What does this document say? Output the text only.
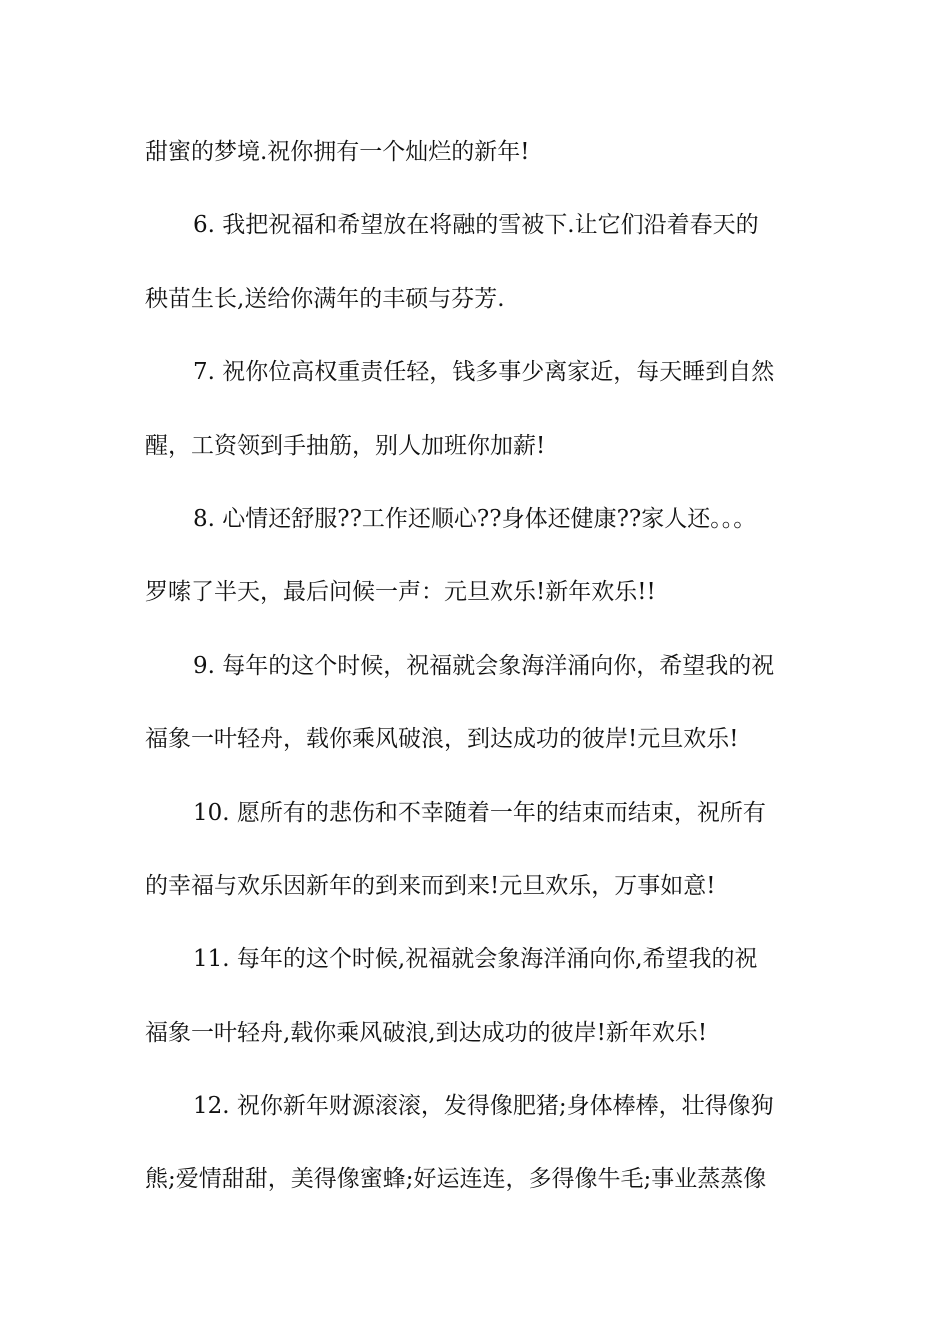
甜蜜的梦境.祝你拥有一个灿烂的新年!
6. 我把祝福和希望放在将融的雪被下.让它们沿着春天的
秧苗生长,送给你满年的丰硕与芬芳.
7. 祝你位高权重责任轻，钱多事少离家近，每天睡到自然
醒，工资领到手抽筋，别人加班你加薪!
8. 心情还舒服??工作还顺心??身体还健康??家人还。。。
罗嗦了半天，最后问候一声：元旦欢乐!新年欢乐!!
9. 每年的这个时候，祝福就会象海洋涌向你，希望我的祝
福象一叶轻舟，载你乘风破浪，到达成功的彼岸!元旦欢乐!
10. 愿所有的悲伤和不幸随着一年的结束而结束，祝所有
的幸福与欢乐因新年的到来而到来!元旦欢乐，万事如意!
11. 每年的这个时候,祝福就会象海洋涌向你,希望我的祝
福象一叶轻舟,载你乘风破浪,到达成功的彼岸!新年欢乐!
12. 祝你新年财源滚滚，发得像肥猪;身体棒棒，壮得像狗
熊;爱情甜甜，美得像蜜蜂;好运连连，多得像牛毛;事业蒸蒸像
